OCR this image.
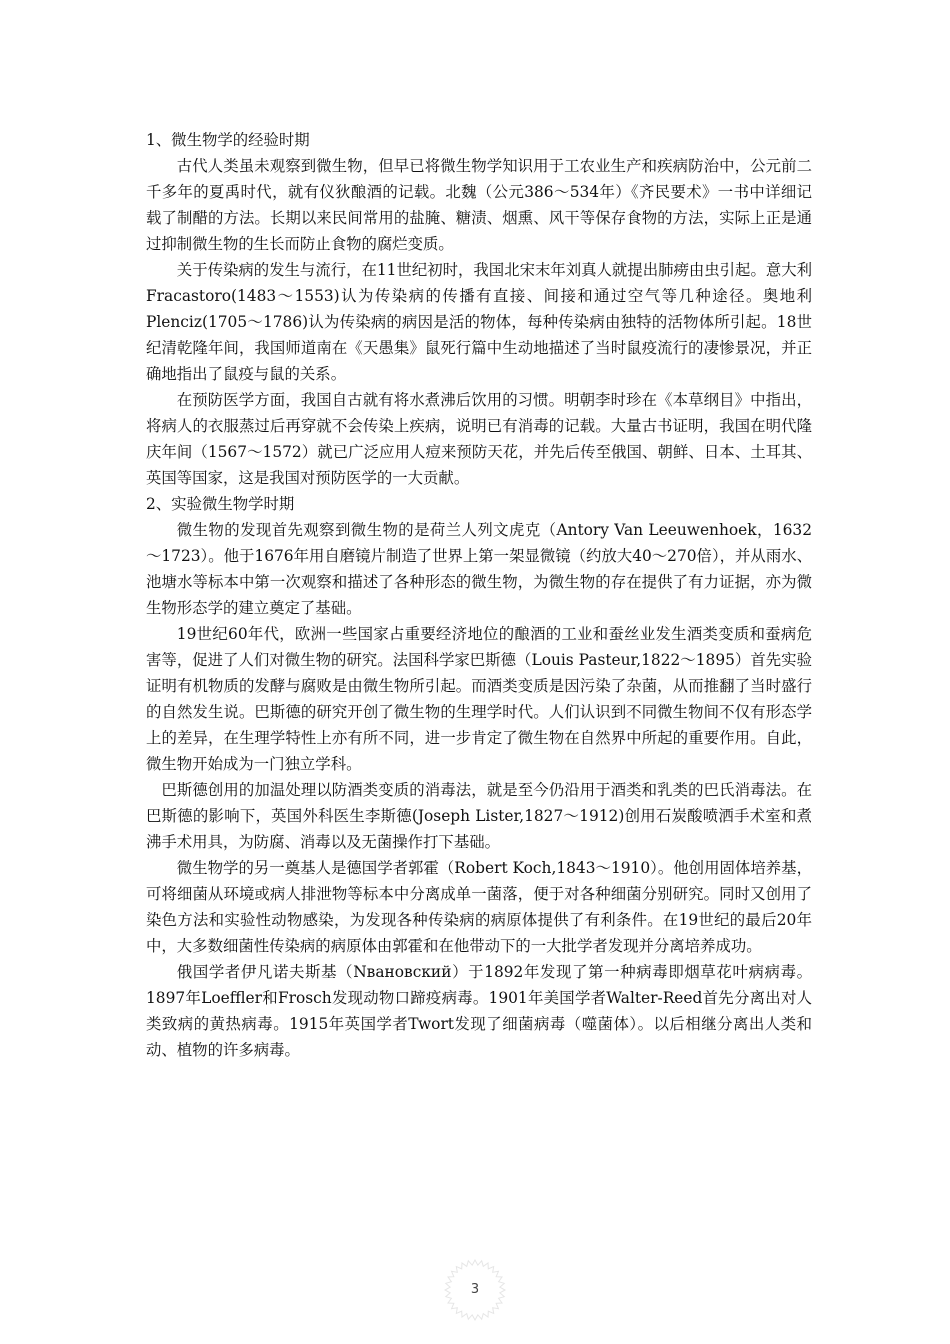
1、微生物学的经验时期

古代人类虽未观察到微生物，但早已将微生物学知识用于工农业生产和疾病防治中，公元前二千多年的夏禹时代，就有仪狄酿酒的记载。北魏（公元386～534年）《齐民要术》一书中详细记载了制醋的方法。长期以来民间常用的盐腌、糖渍、烟熏、风干等保存食物的方法，实际上正是通过抑制微生物的生长而防止食物的腐烂变质。

关于传染病的发生与流行，在11世纪初时，我国北宋末年刘真人就提出肺痨由虫引起。意大利Fracastoro(1483～1553)认为传染病的传播有直接、间接和通过空气等几种途径。奥地利Plenciz(1705～1786)认为传染病的病因是活的物体，每种传染病由独特的活物体所引起。18世纪清乾隆年间，我国师道南在《天愚集》鼠死行篇中生动地描述了当时鼠疫流行的凄惨景况，并正确地指出了鼠疫与鼠的关系。

在预防医学方面，我国自古就有将水煮沸后饮用的习惯。明朝李时珍在《本草纲目》中指出，将病人的衣服蒸过后再穿就不会传染上疾病，说明已有消毒的记载。大量古书证明，我国在明代隆庆年间（1567～1572）就已广泛应用人痘来预防天花，并先后传至俄国、朝鲜、日本、土耳其、英国等国家，这是我国对预防医学的一大贡献。

2、实验微生物学时期

微生物的发现首先观察到微生物的是荷兰人列文虎克（Antory Van Leeuwenhoek，1632～1723）。他于1676年用自磨镜片制造了世界上第一架显微镜（约放大40～270倍），并从雨水、池塘水等标本中第一次观察和描述了各种形态的微生物，为微生物的存在提供了有力证据，亦为微生物形态学的建立奠定了基础。

19世纪60年代，欧洲一些国家占重要经济地位的酿酒的工业和蚕丝业发生酒类变质和蚕病危害等，促进了人们对微生物的研究。法国科学家巴斯德（Louis Pasteur,1822～1895）首先实验证明有机物质的发酵与腐败是由微生物所引起。而酒类变质是因污染了杂菌，从而推翻了当时盛行的自然发生说。巴斯德的研究开创了微生物的生理学时代。人们认识到不同微生物间不仅有形态学上的差异，在生理学特性上亦有所不同，进一步肯定了微生物在自然界中所起的重要作用。自此，微生物开始成为一门独立学科。

巴斯德创用的加温处理以防酒类变质的消毒法，就是至今仍沿用于酒类和乳类的巴氏消毒法。在巴斯德的影响下，英国外科医生李斯德(Joseph Lister,1827～1912)创用石炭酸喷洒手术室和煮沸手术用具，为防腐、消毒以及无菌操作打下基础。

微生物学的另一奠基人是德国学者郭霍（Robert Koch,1843～1910）。他创用固体培养基，可将细菌从环境或病人排泄物等标本中分离成单一菌落，便于对各种细菌分别研究。同时又创用了染色方法和实验性动物感染，为发现各种传染病的病原体提供了有利条件。在19世纪的最后20年中，大多数细菌性传染病的病原体由郭霍和在他带动下的一大批学者发现并分离培养成功。

俄国学者伊凡诺夫斯基（Nвановский）于1892年发现了第一种病毒即烟草花叶病病毒。1897年Loeffler和Frosch发现动物口蹄疫病毒。1901年美国学者Walter-Reed首先分离出对人类致病的黄热病毒。1915年英国学者Twort发现了细菌病毒（噬菌体）。以后相继分离出人类和动、植物的许多病毒。

3
